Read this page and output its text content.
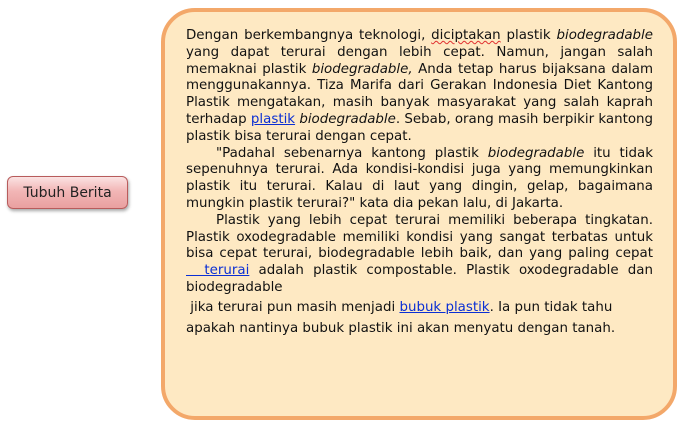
Tubuh Berita

Dengan berkembangnya teknologi, diciptakan plastik biodegradable yang dapat terurai dengan lebih cepat. Namun, jangan salah memaknai plastik biodegradable, Anda tetap harus bijaksana dalam menggunakannya. Tiza Marifa dari Gerakan Indonesia Diet Kantong Plastik mengatakan, masih banyak masyarakat yang salah kaprah terhadap plastik biodegradable. Sebab, orang masih berpikir kantong plastik bisa terurai dengan cepat.

"Padahal sebenarnya kantong plastik biodegradable itu tidak sepenuhnya terurai. Ada kondisi-kondisi juga yang memungkinkan plastik itu terurai. Kalau di laut yang dingin, gelap, bagaimana mungkin plastik terurai?" kata dia pekan lalu, di Jakarta.

Plastik yang lebih cepat terurai memiliki beberapa tingkatan. Plastik oxodegradable memiliki kondisi yang sangat terbatas untuk bisa cepat terurai, biodegradable lebih baik, dan yang paling cepat  terurai adalah plastik compostable. Plastik oxodegradable dan biodegradable

jika terurai pun masih menjadi bubuk plastik. Ia pun tidak tahu apakah nantinya bubuk plastik ini akan menyatu dengan tanah.
